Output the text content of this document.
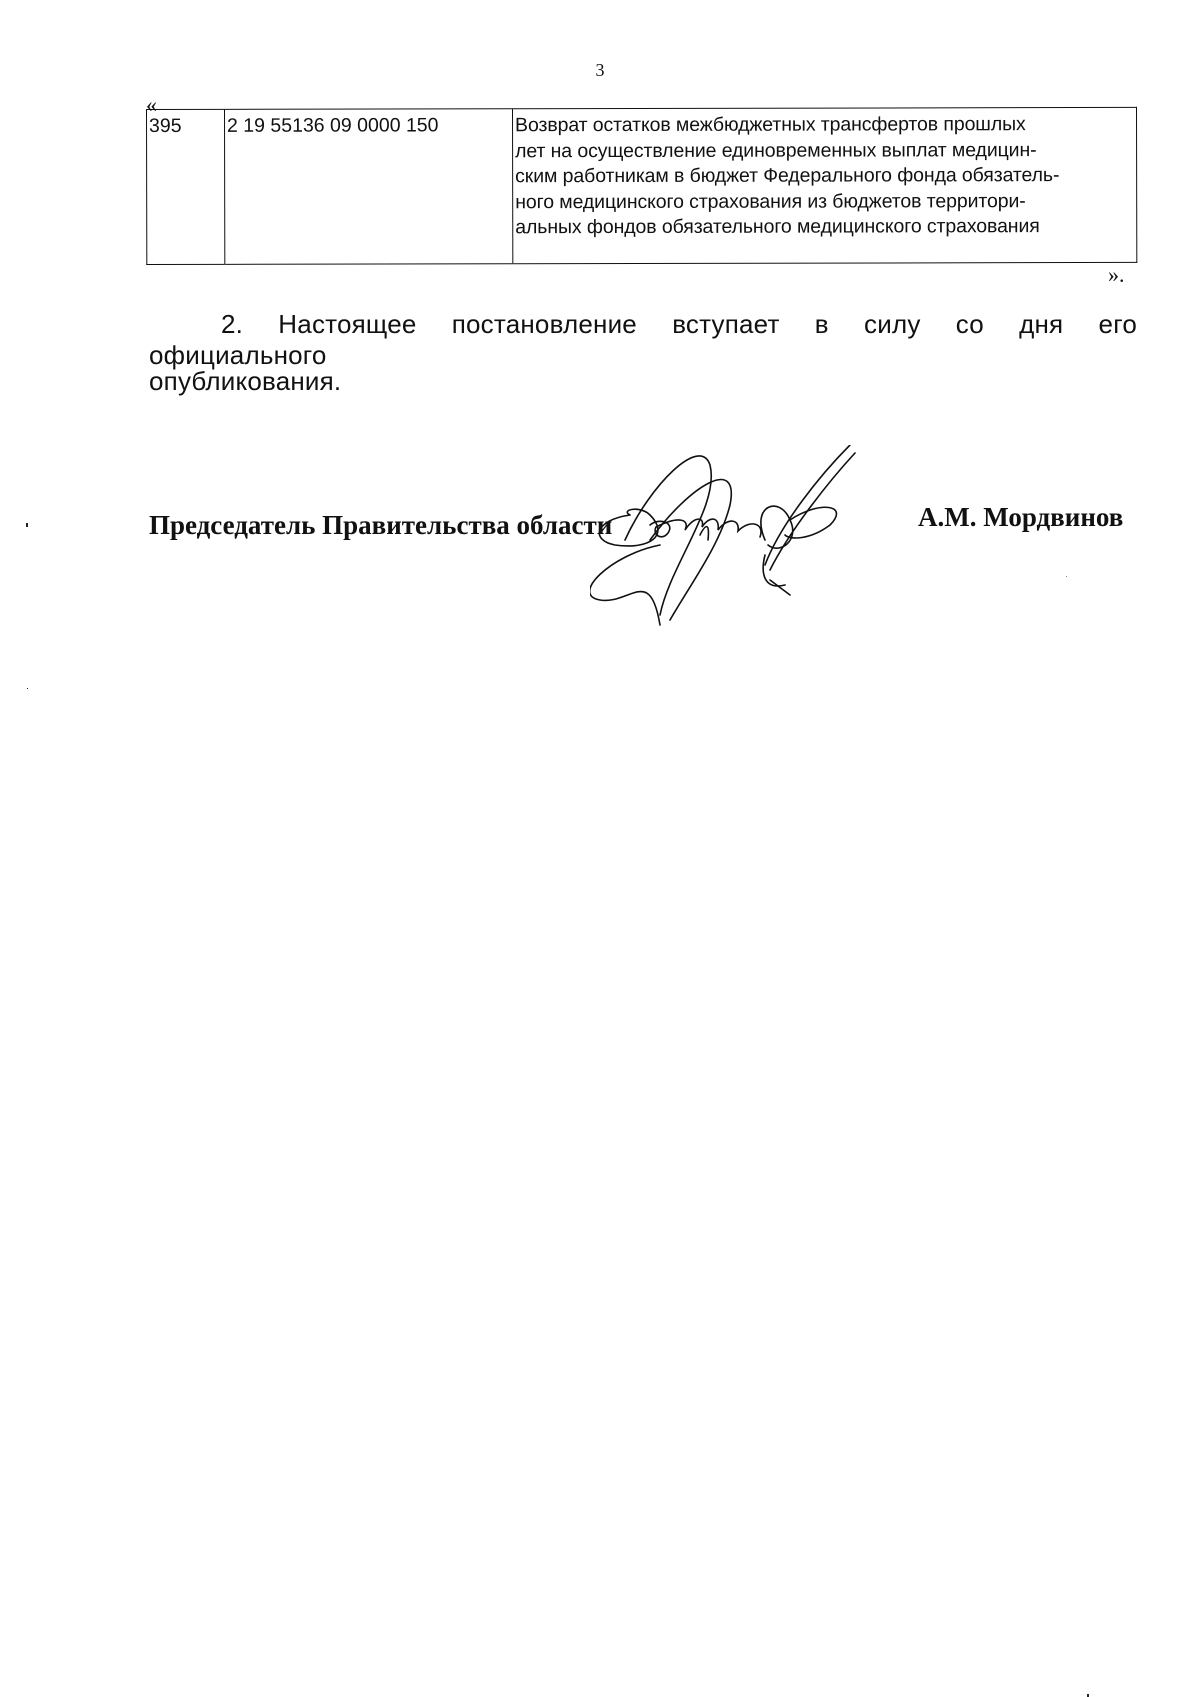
3
«
395	2 19 55136 09 0000 150	Возврат остатков межбюджетных трансфертов прошлых
лет на осуществление единовременных выплат медицин-
ским работникам в бюджет Федерального фонда обязатель-
ного медицинского страхования из бюджетов территори-
альных фондов обязательного медицинского страхования
».
2. Настоящее постановление вступает в силу со дня его официального
опубликования.
Председатель Правительства области	А.М. Мордвинов
